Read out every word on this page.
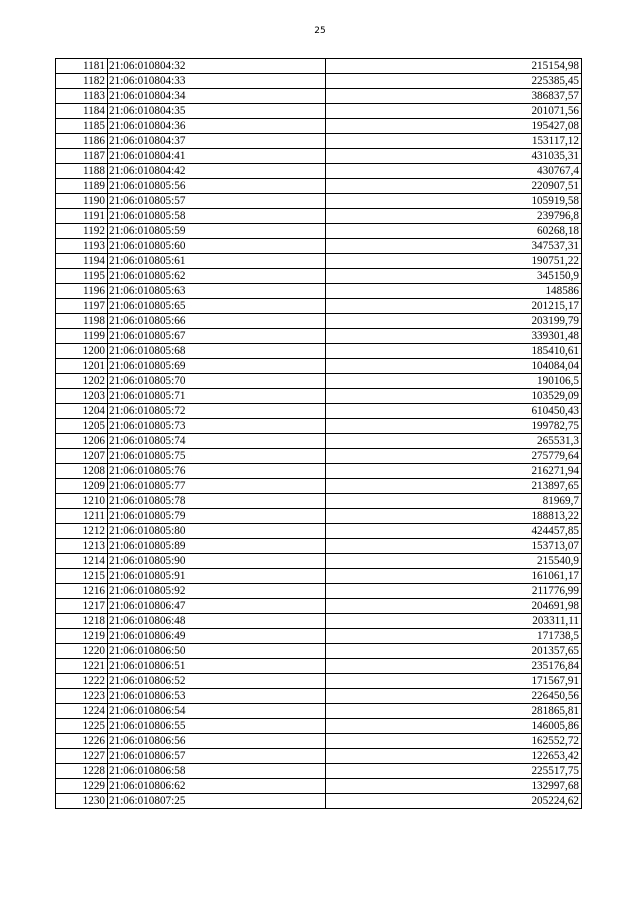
25
1181	21:06:010804:32	215154,98
1182	21:06:010804:33	225385,45
1183	21:06:010804:34	386837,57
1184	21:06:010804:35	201071,56
1185	21:06:010804:36	195427,08
1186	21:06:010804:37	153117,12
1187	21:06:010804:41	431035,31
1188	21:06:010804:42	430767,4
1189	21:06:010805:56	220907,51
1190	21:06:010805:57	105919,58
1191	21:06:010805:58	239796,8
1192	21:06:010805:59	60268,18
1193	21:06:010805:60	347537,31
1194	21:06:010805:61	190751,22
1195	21:06:010805:62	345150,9
1196	21:06:010805:63	148586
1197	21:06:010805:65	201215,17
1198	21:06:010805:66	203199,79
1199	21:06:010805:67	339301,48
1200	21:06:010805:68	185410,61
1201	21:06:010805:69	104084,04
1202	21:06:010805:70	190106,5
1203	21:06:010805:71	103529,09
1204	21:06:010805:72	610450,43
1205	21:06:010805:73	199782,75
1206	21:06:010805:74	265531,3
1207	21:06:010805:75	275779,64
1208	21:06:010805:76	216271,94
1209	21:06:010805:77	213897,65
1210	21:06:010805:78	81969,7
1211	21:06:010805:79	188813,22
1212	21:06:010805:80	424457,85
1213	21:06:010805:89	153713,07
1214	21:06:010805:90	215540,9
1215	21:06:010805:91	161061,17
1216	21:06:010805:92	211776,99
1217	21:06:010806:47	204691,98
1218	21:06:010806:48	203311,11
1219	21:06:010806:49	171738,5
1220	21:06:010806:50	201357,65
1221	21:06:010806:51	235176,84
1222	21:06:010806:52	171567,91
1223	21:06:010806:53	226450,56
1224	21:06:010806:54	281865,81
1225	21:06:010806:55	146005,86
1226	21:06:010806:56	162552,72
1227	21:06:010806:57	122653,42
1228	21:06:010806:58	225517,75
1229	21:06:010806:62	132997,68
1230	21:06:010807:25	205224,62
